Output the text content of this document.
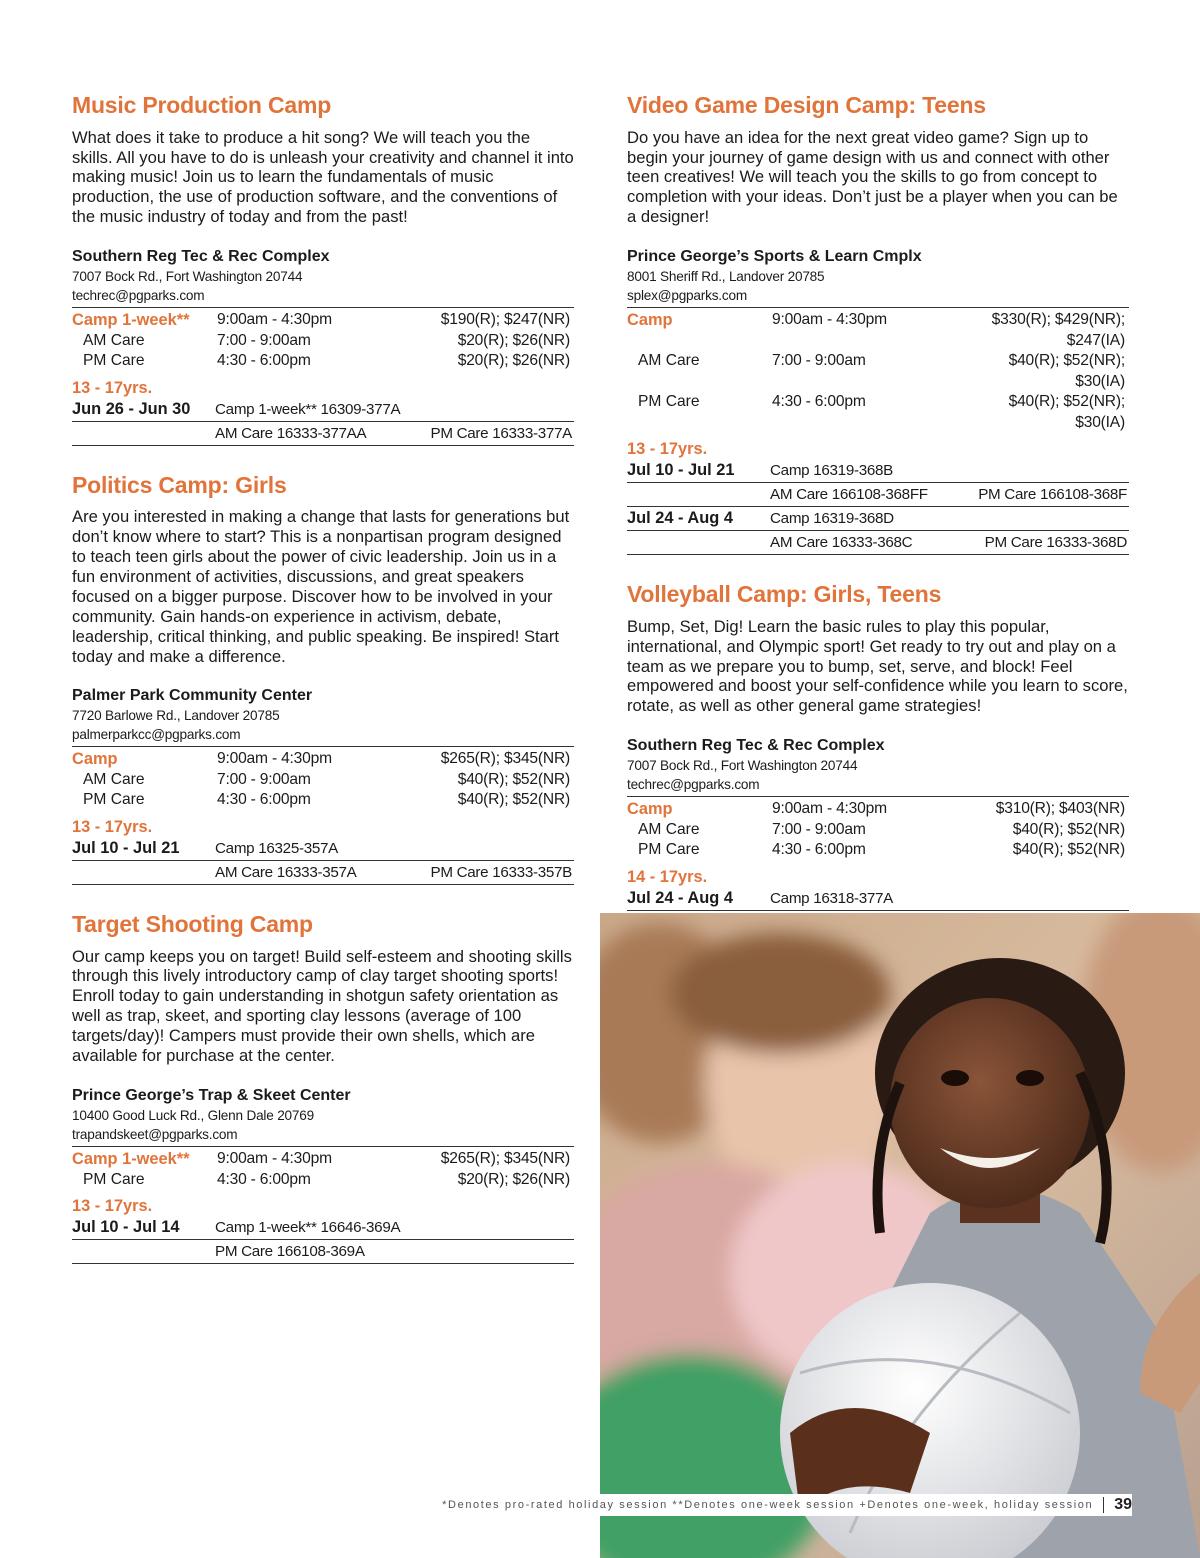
Music Production Camp

What does it take to produce a hit song? We will teach you the skills. All you have to do is unleash your creativity and channel it into making music! Join us to learn the fundamentals of music production, the use of production software, and the conventions of the music industry of today and from the past!

Southern Reg Tec & Rec Complex
7007 Bock Rd., Fort Washington 20744
techrec@pgparks.com
Camp 1-week**	9:00am - 4:30pm	$190(R); $247(NR)
AM Care	7:00 - 9:00am	$20(R); $26(NR)
PM Care	4:30 - 6:00pm	$20(R); $26(NR)
13 - 17yrs.
Jun 26 - Jun 30	Camp 1-week** 16309-377A
AM Care 16333-377AA	PM Care 16333-377A
Politics Camp: Girls

Are you interested in making a change that lasts for generations but don’t know where to start? This is a nonpartisan program designed to teach teen girls about the power of civic leadership. Join us in a fun environment of activities, discussions, and great speakers focused on a bigger purpose. Discover how to be involved in your community. Gain hands-on experience in activism, debate, leadership, critical thinking, and public speaking. Be inspired! Start today and make a difference.

Palmer Park Community Center
7720 Barlowe Rd., Landover 20785
palmerparkcc@pgparks.com
Camp	9:00am - 4:30pm	$265(R); $345(NR)
AM Care	7:00 - 9:00am	$40(R); $52(NR)
PM Care	4:30 - 6:00pm	$40(R); $52(NR)
13 - 17yrs.
Jul 10 - Jul 21	Camp 16325-357A
AM Care 16333-357A	PM Care 16333-357B
Target Shooting Camp

Our camp keeps you on target! Build self-esteem and shooting skills through this lively introductory camp of clay target shooting sports! Enroll today to gain understanding in shotgun safety orientation as well as trap, skeet, and sporting clay lessons (average of 100 targets/day)! Campers must provide their own shells, which are available for purchase at the center.

Prince George’s Trap & Skeet Center
10400 Good Luck Rd., Glenn Dale 20769
trapandskeet@pgparks.com
Camp 1-week**	9:00am - 4:30pm	$265(R); $345(NR)
PM Care	4:30 - 6:00pm	$20(R); $26(NR)
13 - 17yrs.
Jul 10 - Jul 14	Camp 1-week** 16646-369A
PM Care 166108-369A
Video Game Design Camp: Teens

Do you have an idea for the next great video game? Sign up to begin your journey of game design with us and connect with other teen creatives! We will teach you the skills to go from concept to completion with your ideas. Don’t just be a player when you can be a designer!

Prince George’s Sports & Learn Cmplx
8001 Sheriff Rd., Landover 20785
splex@pgparks.com
Camp	9:00am - 4:30pm	$330(R); $429(NR); $247(IA)
AM Care	7:00 - 9:00am	$40(R); $52(NR); $30(IA)
PM Care	4:30 - 6:00pm	$40(R); $52(NR); $30(IA)
13 - 17yrs.
Jul 10 - Jul 21	Camp 16319-368B
AM Care 166108-368FF	PM Care 166108-368F
Jul 24 - Aug 4	Camp 16319-368D
AM Care 16333-368C	PM Care 16333-368D
Volleyball Camp: Girls, Teens

Bump, Set, Dig! Learn the basic rules to play this popular, international, and Olympic sport! Get ready to try out and play on a team as we prepare you to bump, set, serve, and block! Feel empowered and boost your self-confidence while you learn to score, rotate, as well as other general game strategies!

Southern Reg Tec & Rec Complex
7007 Bock Rd., Fort Washington 20744
techrec@pgparks.com
Camp	9:00am - 4:30pm	$310(R); $403(NR)
AM Care	7:00 - 9:00am	$40(R); $52(NR)
PM Care	4:30 - 6:00pm	$40(R); $52(NR)
14 - 17yrs.
Jul 24 - Aug 4	Camp 16318-377A
*Denotes pro-rated holiday session **Denotes one-week session +Denotes one-week, holiday session 39
